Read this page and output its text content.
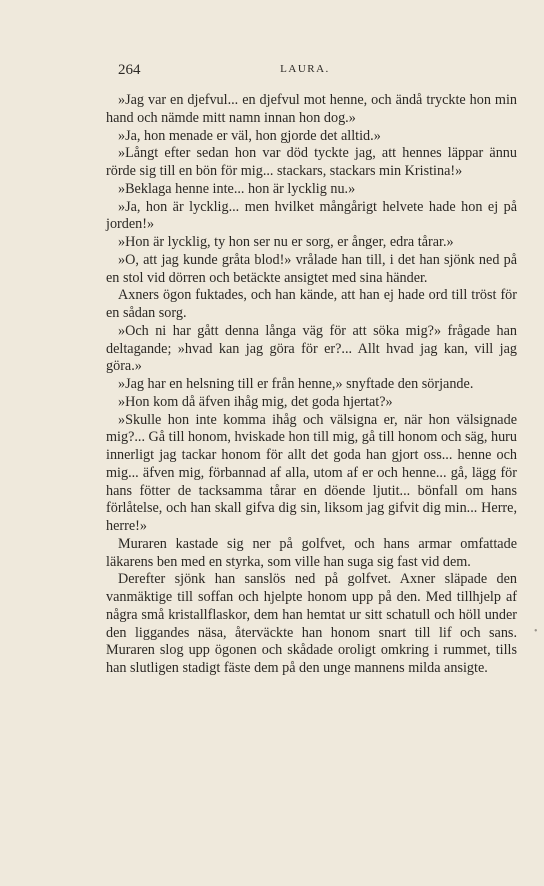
264	LAURA.

»Jag var en djefvul... en djefvul mot henne, och ändå tryckte hon min hand och nämde mitt namn innan hon dog.»

»Ja, hon menade er väl, hon gjorde det alltid.»

»Långt efter sedan hon var död tyckte jag, att hennes läppar ännu rörde sig till en bön för mig... stackars, stackars min Kristina!»

»Beklaga henne inte... hon är lycklig nu.»

»Ja, hon är lycklig... men hvilket mångårigt helvete hade hon ej på jorden!»

»Hon är lycklig, ty hon ser nu er sorg, er ånger, edra tårar.»

»O, att jag kunde gråta blod!» vrålade han till, i det han sjönk ned på en stol vid dörren och betäckte ansigtet med sina händer.

Axners ögon fuktades, och han kände, att han ej hade ord till tröst för en sådan sorg.

»Och ni har gått denna långa väg för att söka mig?» frågade han deltagande; »hvad kan jag göra för er?... Allt hvad jag kan, vill jag göra.»

»Jag har en helsning till er från henne,» snyftade den sörjande.

»Hon kom då äfven ihåg mig, det goda hjertat?»

»Skulle hon inte komma ihåg och välsigna er, när hon välsignade mig?... Gå till honom, hviskade hon till mig, gå till honom och säg, huru innerligt jag tackar honom för allt det goda han gjort oss... henne och mig... äfven mig, förbannad af alla, utom af er och henne... gå, lägg för hans fötter de tacksamma tårar en döende ljutit... bönfall om hans förlåtelse, och han skall gifva dig sin, liksom jag gifvit dig min... Herre, herre!»

Muraren kastade sig ner på golfvet, och hans armar omfattade läkarens ben med en styrka, som ville han suga sig fast vid dem.

Derefter sjönk han sanslös ned på golfvet. Axner släpade den vanmäktige till soffan och hjelpte honom upp på den. Med tillhjelp af några små kristallflaskor, dem han hemtat ur sitt schatull och höll under den liggandes näsa, återväckte han honom snart till lif och sans. Muraren slog upp ögonen och skådade oroligt omkring i rummet, tills han slutligen stadigt fäste dem på den unge mannens milda ansigte.

•
